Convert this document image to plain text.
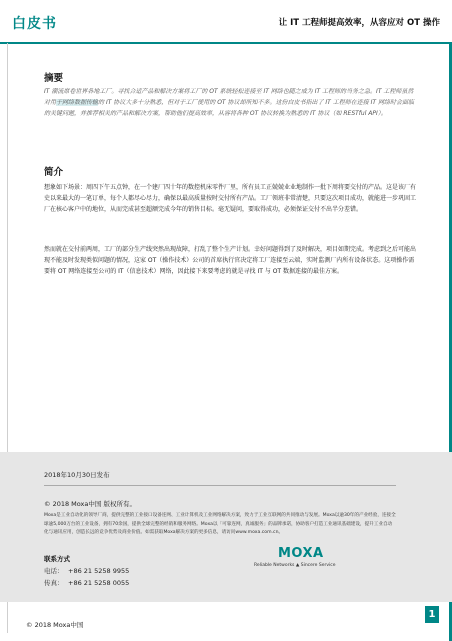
白皮书	让 IT 工程师提高效率，从容应对 OT 操作
摘要
IT 潮流席卷世界各地工厂。寻找合适产品和解决方案将工厂的 OT 系统轻松连接至 IT 网络也随之成为 IT 工程师的当务之急。IT 工程师虽然对用于网络数据传输的 IT 协议大多十分熟悉，但对于工厂使用的 OT 协议却所知不多。这份白皮书指出了 IT 工程师在连接 IT 网络时会面临的关键问题，并推荐相关的产品和解决方案，帮助他们提高效率，从容将各种 OT 协议转换为熟悉的 IT 协议（如 RESTful API）。
简介
想象如下场景：周四下午五点钟，在一个建厂四十年的数控机床零件厂里，所有员工正兢兢业业地制作一批下周将要交付的产品。这是该厂有史以来最大的一笔订单，每个人都尽心尽力，确保以最高质量按时交付所有产品。工厂领班非常清楚，只要这次项目成功，就能进一步巩固工厂在核心客户中的地位，从而完成甚至超额完成今年的销售目标。毫无疑问，要取得成功，必须保证交付不出半分差错。
然而就在交付前两周，工厂的部分生产线突然出现故障，打乱了整个生产计划。幸好问题得到了及时解决，项目如期完成。考虑到之后可能出现不能及时发现类似问题的情况，这家 OT（操作技术）公司的首席执行官决定将工厂连接至云端，实时监测厂内所有设备状态。这项操作需要将 OT 网络连接至公司的 IT（信息技术）网络，因此接下来要考虑的就是寻找 IT 与 OT 数据连接的最佳方案。
2018年10月30日发布
© 2018 Moxa中国 版权所有。
Moxa是工业自动化的领导厂商，提供完整的工业接口设备连网、工业计算机及工业网络解决方案，致力于工业互联网的共同推动与发展。Moxa以逾30年的产业经验，连接全球逾5,000万台的工业设备，拥有70余国，提供全球完整的经销和服务网络。Moxa以「可靠连网，真诚服务」的品牌承诺，协助客户打造工业通讯基础建设，提升工业自动化与通讯应用，创造长远的竞争优势及商业价值。如需获取Moxa解决方案的更多信息，请访问www.moxa.com.cn。
联系方式
电话： +86 21 5258 9955
传真： +86 21 5258 0055
MOXA
Reliable Networks ▲ Sincere Service
© 2018 Moxa中国
1
